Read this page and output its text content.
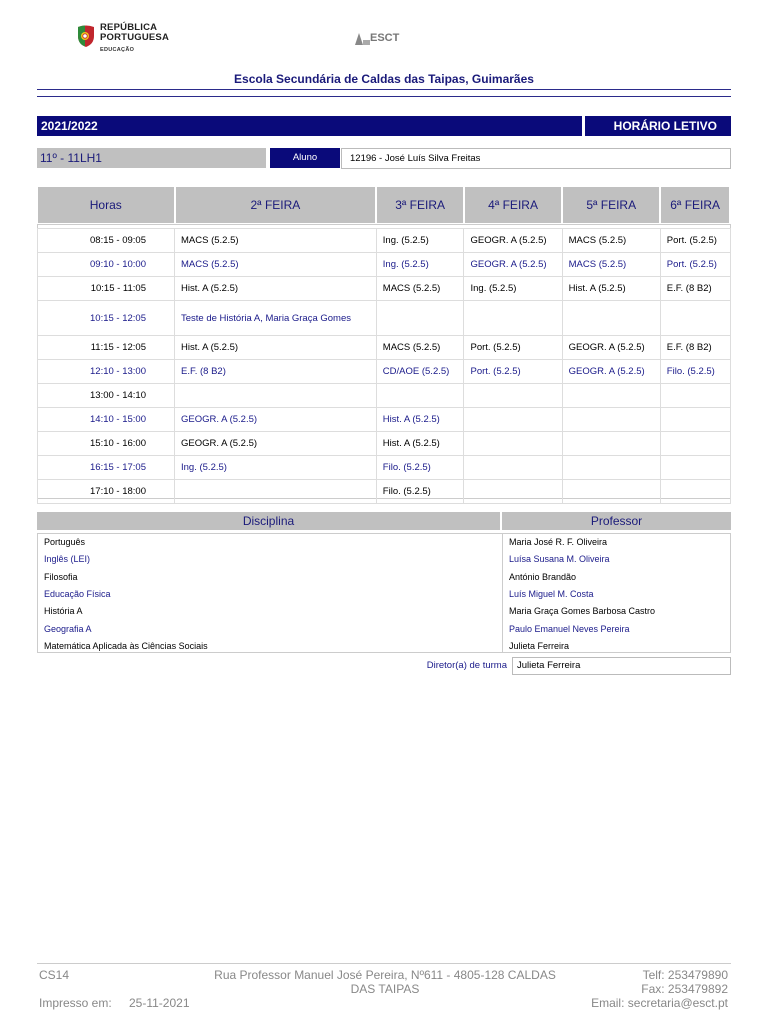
REPÚBLICA
PORTUGUESA
EDUCAÇÃO
ESCT
Escola Secundária de Caldas das Taipas, Guimarães
2021/2022	HORÁRIO LETIVO
11º - 11LH1	Aluno	12196 - José Luís Silva Freitas
Horas	2ª FEIRA	3ª FEIRA	4ª FEIRA	5ª FEIRA	6ª FEIRA

08:15 - 09:05	MACS (5.2.5)	Ing. (5.2.5)	GEOGR. A (5.2.5)	MACS (5.2.5)	Port. (5.2.5)
09:10 - 10:00	MACS (5.2.5)	Ing. (5.2.5)	GEOGR. A (5.2.5)	MACS (5.2.5)	Port. (5.2.5)
10:15 - 11:05	Hist. A (5.2.5)	MACS (5.2.5)	Ing. (5.2.5)	Hist. A (5.2.5)	E.F. (8 B2)
10:15 - 12:05	Teste de História A, Maria Graça Gomes				
11:15 - 12:05	Hist. A (5.2.5)	MACS (5.2.5)	Port. (5.2.5)	GEOGR. A (5.2.5)	E.F. (8 B2)
12:10 - 13:00	E.F. (8 B2)	CD/AOE (5.2.5)	Port. (5.2.5)	GEOGR. A (5.2.5)	Filo. (5.2.5)
13:00 - 14:10					
14:10 - 15:00	GEOGR. A (5.2.5)	Hist. A (5.2.5)			
15:10 - 16:00	GEOGR. A (5.2.5)	Hist. A (5.2.5)			
16:15 - 17:05	Ing. (5.2.5)	Filo. (5.2.5)			
17:10 - 18:00		Filo. (5.2.5)			
Disciplina	Professor
Português	Maria José R. F. Oliveira
Inglês (LEI)	Luísa Susana M. Oliveira
Filosofia	António Brandão
Educação Física	Luís Miguel M. Costa
História A	Maria Graça Gomes Barbosa Castro
Geografia A	Paulo Emanuel Neves Pereira
Matemática Aplicada às Ciências Sociais	Julieta Ferreira
Diretor(a) de turma	Julieta Ferreira
CS14
Impresso em: 25-11-2021
Rua Professor Manuel José Pereira, Nº611 - 4805-128 CALDAS
DAS TAIPAS
Telf: 253479890
Fax: 253479892
Email: secretaria@esct.pt
